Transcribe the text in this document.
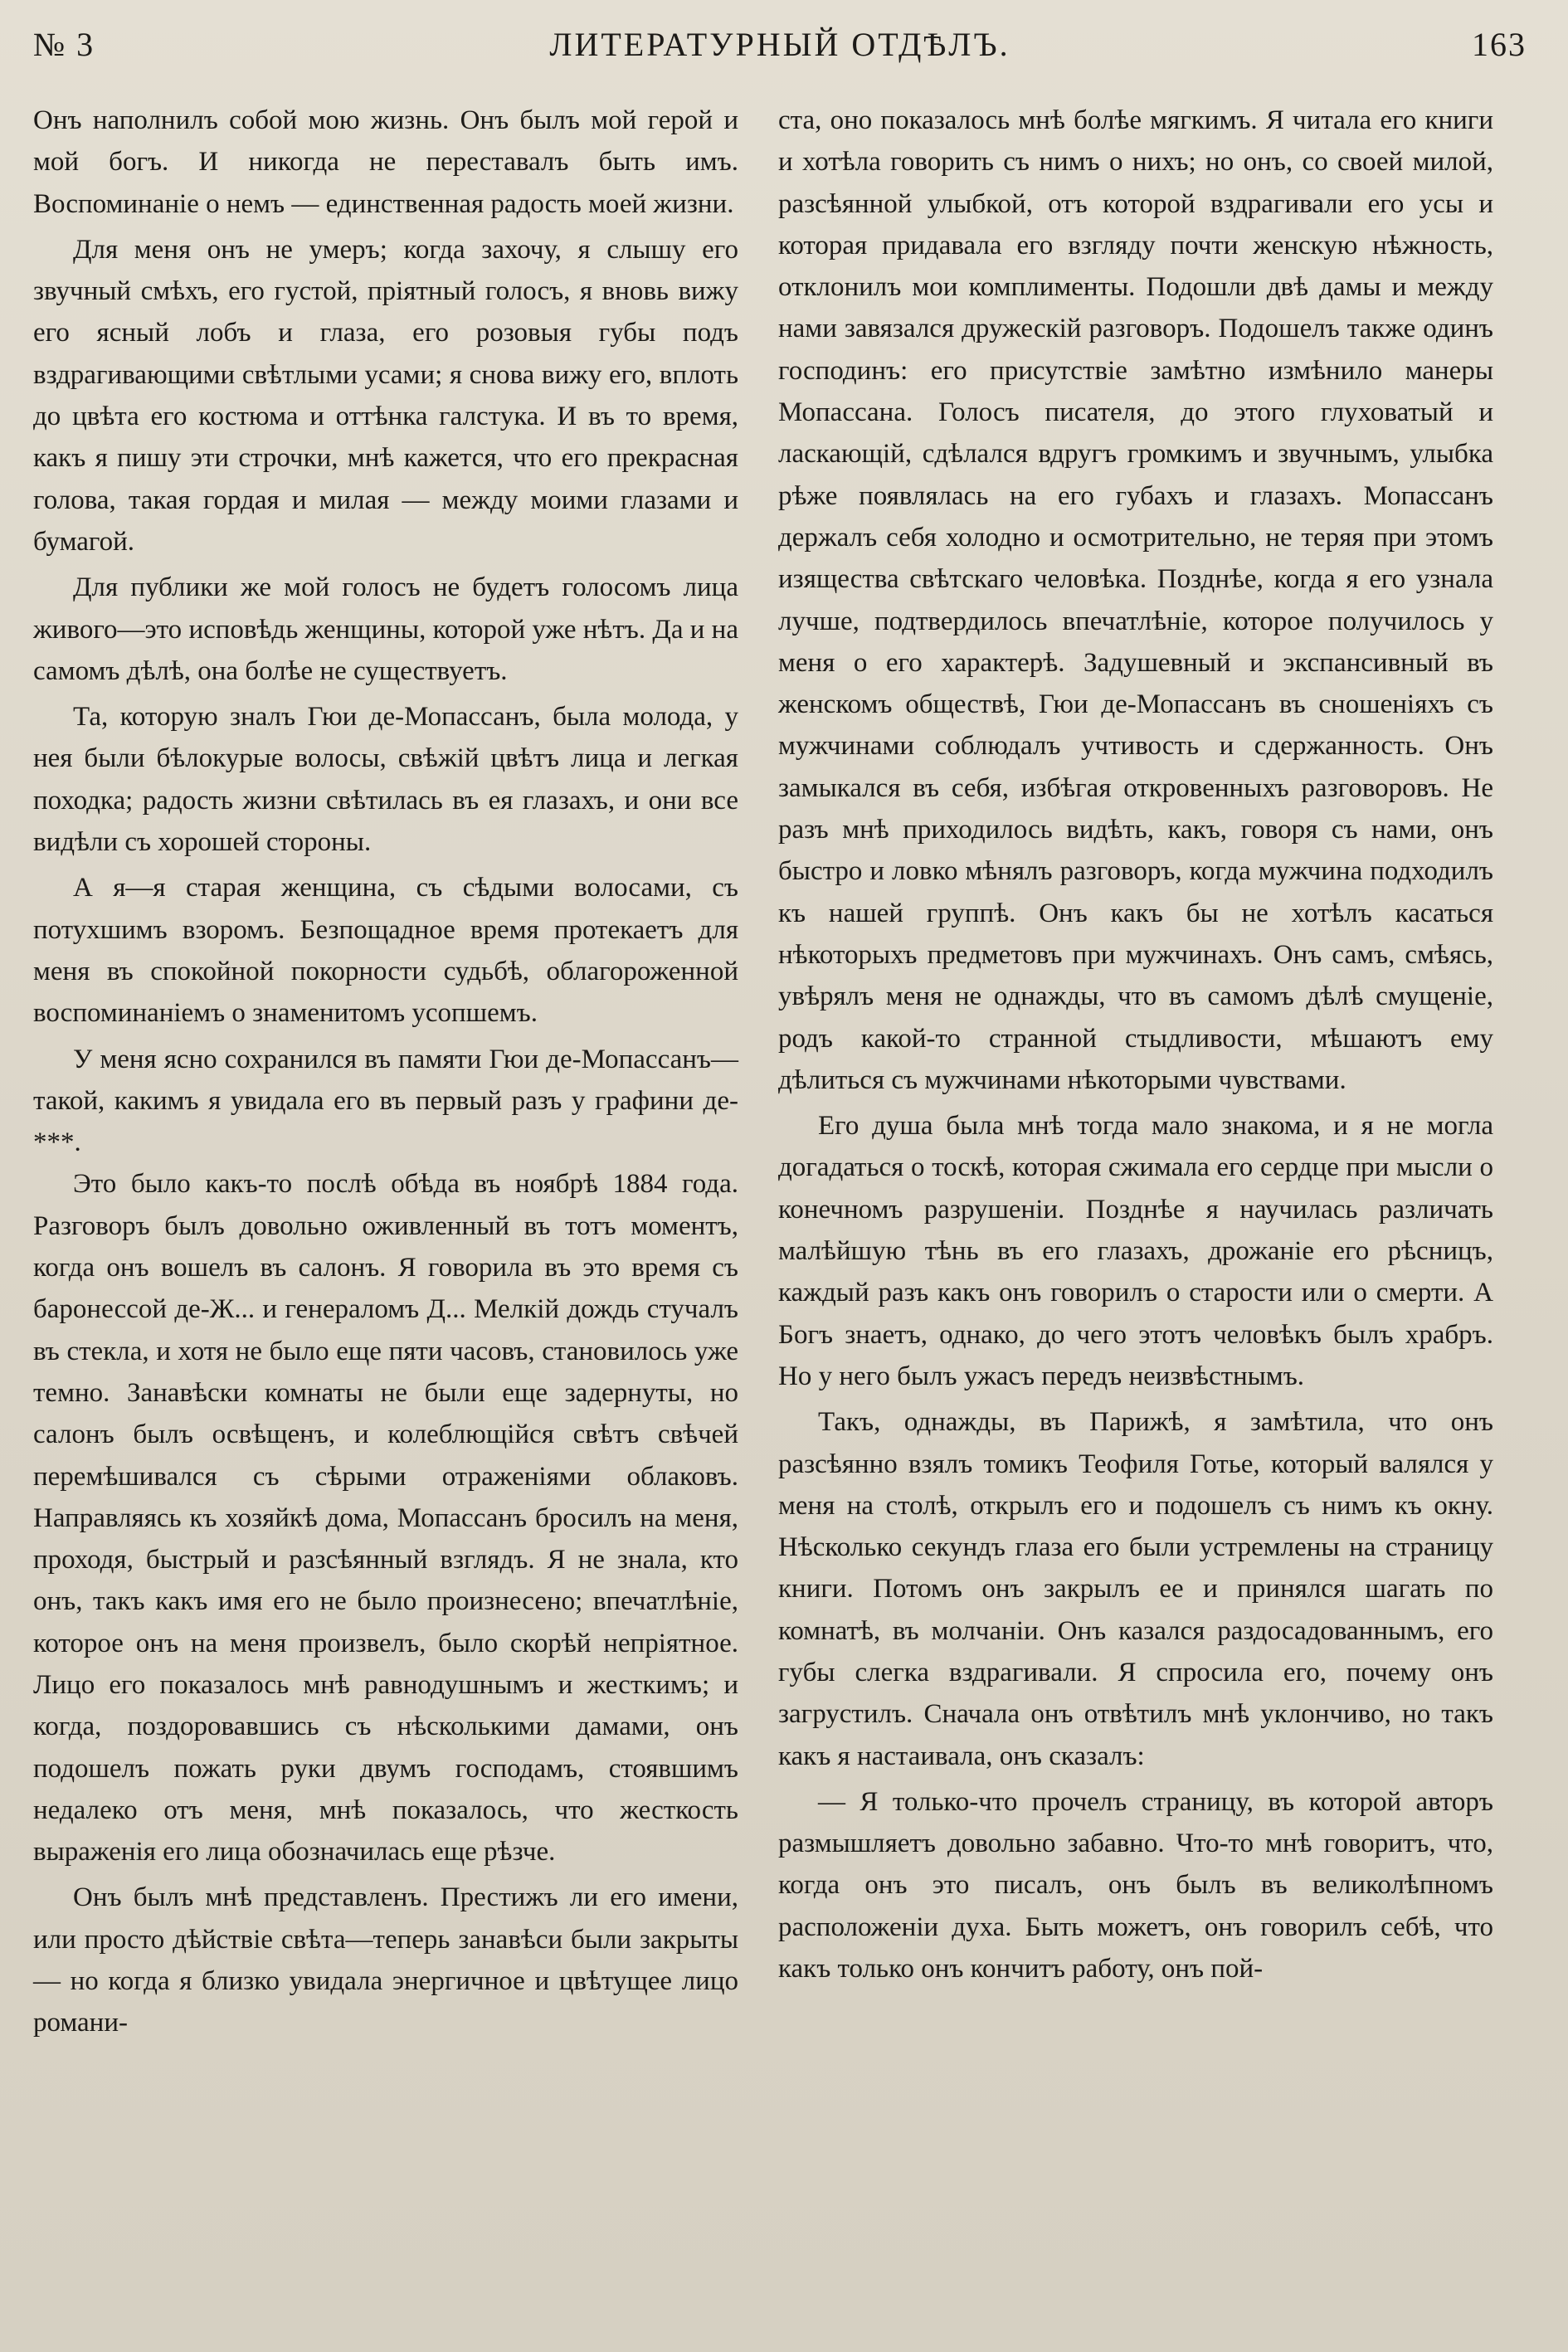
№ 3	ЛИТЕРАТУРНЫЙ ОТДѢЛЪ.	163

Онъ наполнилъ собой мою жизнь. Онъ былъ мой герой и мой богъ. И никогда не переставалъ быть имъ. Воспоминаніе о немъ — единственная радость моей жизни.

Для меня онъ не умеръ; когда захочу, я слышу его звучный смѣхъ, его густой, пріятный голосъ, я вновь вижу его ясный лобъ и глаза, его розовыя губы подъ вздрагивающими свѣтлыми усами; я снова вижу его, вплоть до цвѣта его костюма и оттѣнка галстука. И въ то время, какъ я пишу эти строчки, мнѣ кажется, что его прекрасная голова, такая гордая и милая — между моими глазами и бумагой.

Для публики же мой голосъ не будетъ голосомъ лица живого—это исповѣдь женщины, которой уже нѣтъ. Да и на самомъ дѣлѣ, она болѣе не существуетъ.

Та, которую зналъ Гюи де-Мопассанъ, была молода, у нея были бѣлокурые волосы, свѣжій цвѣтъ лица и легкая походка; радость жизни свѣтилась въ ея глазахъ, и они все видѣли съ хорошей стороны.

А я—я старая женщина, съ сѣдыми волосами, съ потухшимъ взоромъ. Безпощадное время протекаетъ для меня въ спокойной покорности судьбѣ, облагороженной воспоминаніемъ о знаменитомъ усопшемъ.

У меня ясно сохранился въ памяти Гюи де-Мопассанъ—такой, какимъ я увидала его въ первый разъ у графини де-***.

Это было какъ-то послѣ обѣда въ ноябрѣ 1884 года. Разговоръ былъ довольно оживленный въ тотъ моментъ, когда онъ вошелъ въ салонъ. Я говорила въ это время съ баронессой де-Ж... и генераломъ Д... Мелкій дождь стучалъ въ стекла, и хотя не было еще пяти часовъ, становилось уже темно. Занавѣски комнаты не были еще задернуты, но салонъ былъ освѣщенъ, и колеблющійся свѣтъ свѣчей перемѣшивался съ сѣрыми отраженіями облаковъ. Направляясь къ хозяйкѣ дома, Мопассанъ бросилъ на меня, проходя, быстрый и разсѣянный взглядъ. Я не знала, кто онъ, такъ какъ имя его не было произнесено; впечатлѣніе, которое онъ на меня произвелъ, было скорѣй непріятное. Лицо его показалось мнѣ равнодушнымъ и жесткимъ; и когда, поздоровавшись съ нѣсколькими дамами, онъ подошелъ пожать руки двумъ господамъ, стоявшимъ недалеко отъ меня, мнѣ показалось, что жесткость выраженія его лица обозначилась еще рѣзче.

Онъ былъ мнѣ представленъ. Престижъ ли его имени, или просто дѣйствіе свѣта—теперь занавѣси были закрыты — но когда я близко увидала энергичное и цвѣтущее лицо романи-

ста, оно показалось мнѣ болѣе мягкимъ. Я читала его книги и хотѣла говорить съ нимъ о нихъ; но онъ, со своей милой, разсѣянной улыбкой, отъ которой вздрагивали его усы и которая придавала его взгляду почти женскую нѣжность, отклонилъ мои комплименты. Подошли двѣ дамы и между нами завязался дружескій разговоръ. Подошелъ также одинъ господинъ: его присутствіе замѣтно измѣнило манеры Мопассана. Голосъ писателя, до этого глуховатый и ласкающій, сдѣлался вдругъ громкимъ и звучнымъ, улыбка рѣже появлялась на его губахъ и глазахъ. Мопассанъ держалъ себя холодно и осмотрительно, не теряя при этомъ изящества свѣтскаго человѣка. Позднѣе, когда я его узнала лучше, подтвердилось впечатлѣніе, которое получилось у меня о его характерѣ. Задушевный и экспансивный въ женскомъ обществѣ, Гюи де-Мопассанъ въ сношеніяхъ съ мужчинами соблюдалъ учтивость и сдержанность. Онъ замыкался въ себя, избѣгая откровенныхъ разговоровъ. Не разъ мнѣ приходилось видѣть, какъ, говоря съ нами, онъ быстро и ловко мѣнялъ разговоръ, когда мужчина подходилъ къ нашей группѣ. Онъ какъ бы не хотѣлъ касаться нѣкоторыхъ предметовъ при мужчинахъ. Онъ самъ, смѣясь, увѣрялъ меня не однажды, что въ самомъ дѣлѣ смущеніе, родъ какой-то странной стыдливости, мѣшаютъ ему дѣлиться съ мужчинами нѣкоторыми чувствами.

Его душа была мнѣ тогда мало знакома, и я не могла догадаться о тоскѣ, которая сжимала его сердце при мысли о конечномъ разрушеніи. Позднѣе я научилась различать малѣйшую тѣнь въ его глазахъ, дрожаніе его рѣсницъ, каждый разъ какъ онъ говорилъ о старости или о смерти. А Богъ знаетъ, однако, до чего этотъ человѣкъ былъ храбръ. Но у него былъ ужасъ передъ неизвѣстнымъ.

Такъ, однажды, въ Парижѣ, я замѣтила, что онъ разсѣянно взялъ томикъ Теофиля Готье, который валялся у меня на столѣ, открылъ его и подошелъ съ нимъ къ окну. Нѣсколько секундъ глаза его были устремлены на страницу книги. Потомъ онъ закрылъ ее и принялся шагать по комнатѣ, въ молчаніи. Онъ казался раздосадованнымъ, его губы слегка вздрагивали. Я спросила его, почему онъ загрустилъ. Сначала онъ отвѣтилъ мнѣ уклончиво, но такъ какъ я настаивала, онъ сказалъ:

— Я только-что прочелъ страницу, въ которой авторъ размышляетъ довольно забавно. Что-то мнѣ говоритъ, что, когда онъ это писалъ, онъ былъ въ великолѣпномъ расположеніи духа. Быть можетъ, онъ говорилъ себѣ, что какъ только онъ кончитъ работу, онъ пой-
